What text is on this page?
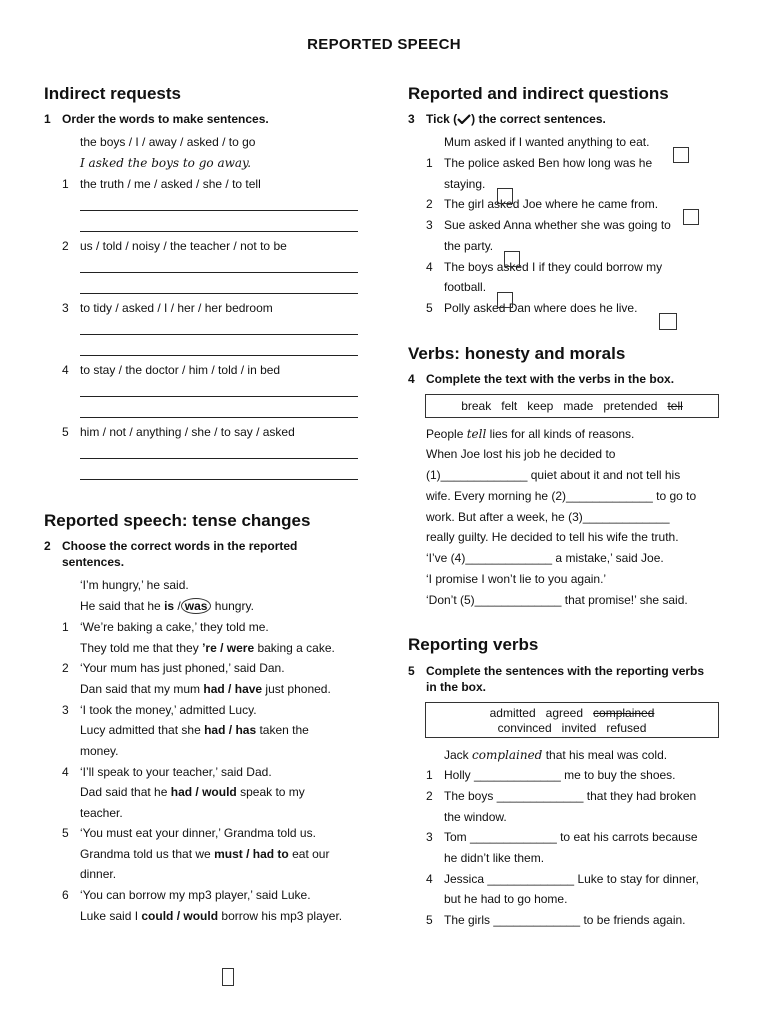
REPORTED SPEECH
Indirect requests
1 Order the words to make sentences.
the boys / I / away / asked / to go
I asked the boys to go away.
1 the truth / me / asked / she / to tell
2 us / told / noisy / the teacher / not to be
3 to tidy / asked / I / her / her bedroom
4 to stay / the doctor / him / told / in bed
5 him / not / anything / she / to say / asked
Reported speech: tense changes
2 Choose the correct words in the reported
sentences.
‘I’m hungry,’ he said.
He said that he is / was hungry.
1 ‘We’re baking a cake,’ they told me.
They told me that they ’re / were baking a cake.
2 ‘Your mum has just phoned,’ said Dan.
Dan said that my mum had / have just phoned.
3 ‘I took the money,’ admitted Lucy.
Lucy admitted that she had / has taken the
money.
4 ‘I’ll speak to your teacher,’ said Dad.
Dad said that he had / would speak to my
teacher.
5 ‘You must eat your dinner,’ Grandma told us.
Grandma told us that we must / had to eat our
dinner.
6 ‘You can borrow my mp3 player,’ said Luke.
Luke said I could / would borrow his mp3 player.
Reported and indirect questions
3 Tick ( ) the correct sentences.
Mum asked if I wanted anything to eat.
1 The police asked Ben how long was he
staying.
2 The girl asked Joe where he came from.
3 Sue asked Anna whether she was going to
the party.
4 The boys asked I if they could borrow my
football.
5 Polly asked Dan where does he live.
Verbs: honesty and morals
4 Complete the text with the verbs in the box.
break felt keep made pretended tell
People tell lies for all kinds of reasons.
When Joe lost his job he decided to
(1)_____________ quiet about it and not tell his
wife. Every morning he (2)_____________ to go to
work. But after a week, he (3)_____________
really guilty. He decided to tell his wife the truth.
‘I’ve (4)_____________ a mistake,’ said Joe.
‘I promise I won’t lie to you again.’
‘Don’t (5)_____________ that promise!’ she said.
Reporting verbs
5 Complete the sentences with the reporting verbs
in the box.
admitted agreed complained
convinced invited refused
Jack complained that his meal was cold.
1 Holly _____________ me to buy the shoes.
2 The boys _____________ that they had broken
the window.
3 Tom _____________ to eat his carrots because
he didn’t like them.
4 Jessica _____________ Luke to stay for dinner,
but he had to go home.
5 The girls _____________ to be friends again.
